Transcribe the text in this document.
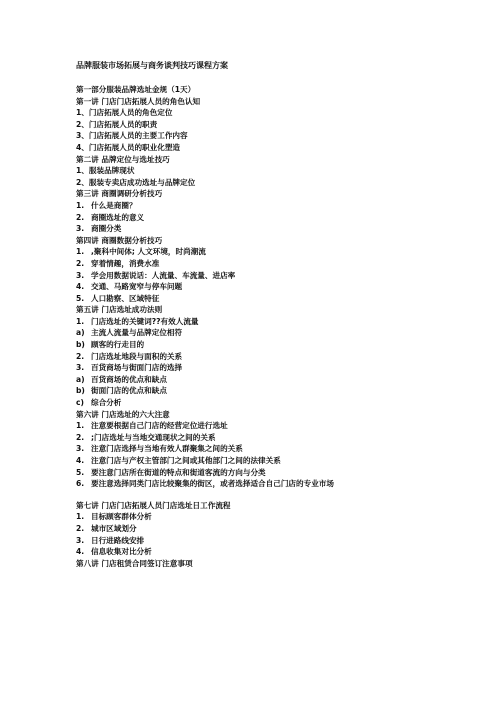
品牌服装市场拓展与商务谈判技巧课程方案
第一部分服装品牌选址金规（1天）
第一讲 门店门店拓展人员的角色认知
1、门店拓展人员的角色定位
2、门店拓展人员的职责
3、门店拓展人员的主要工作内容
4、门店拓展人员的职业化塑造
第二讲 品牌定位与选址技巧
1、服装品牌现状
2、服装专卖店成功选址与品牌定位
第三讲 商圈调研分析技巧
1. 什么是商圈？
2. 商圈选址的意义
3. 商圈分类
第四讲 商圈数据分析技巧
1. ,聚科中间体; 人文环境，时尚潮流
2. 穿着情趣，消费水准
3. 学会用数据说话：人流量、车流量、进店率
4. 交通、马路宽窄与停车问题
5. 人口勘察、区域特征
第五讲 门店选址成功法则
1. 门店选址的关键词??有效人流量
a) 主流人流量与品牌定位相符
b) 顾客的行走目的
2. 门店选址地段与面积的关系
3. 百货商场与街面门店的选择
a) 百货商场的优点和缺点
b) 街面门店的优点和缺点
c) 综合分析
第六讲 门店选址的六大注意
1. 注意要根据自己门店的经营定位进行选址
2. ;门店选址与当地交通现状之间的关系
3. 注意门店选择与当地有效人群聚集之间的关系
4. 注意门店与产权主管部门之间或其他部门之间的法律关系
5. 要注意门店所在街道的特点和街道客流的方向与分类
6. 要注意选择同类门店比较聚集的街区，或者选择适合自己门店的专业市场
第七讲 门店门店拓展人员门店选址日工作流程
1. 目标顾客群体分析
2. 城市区域划分
3. 日行进路线安排
4. 信息收集对比分析
第八讲 门店租赁合同签订注意事项
